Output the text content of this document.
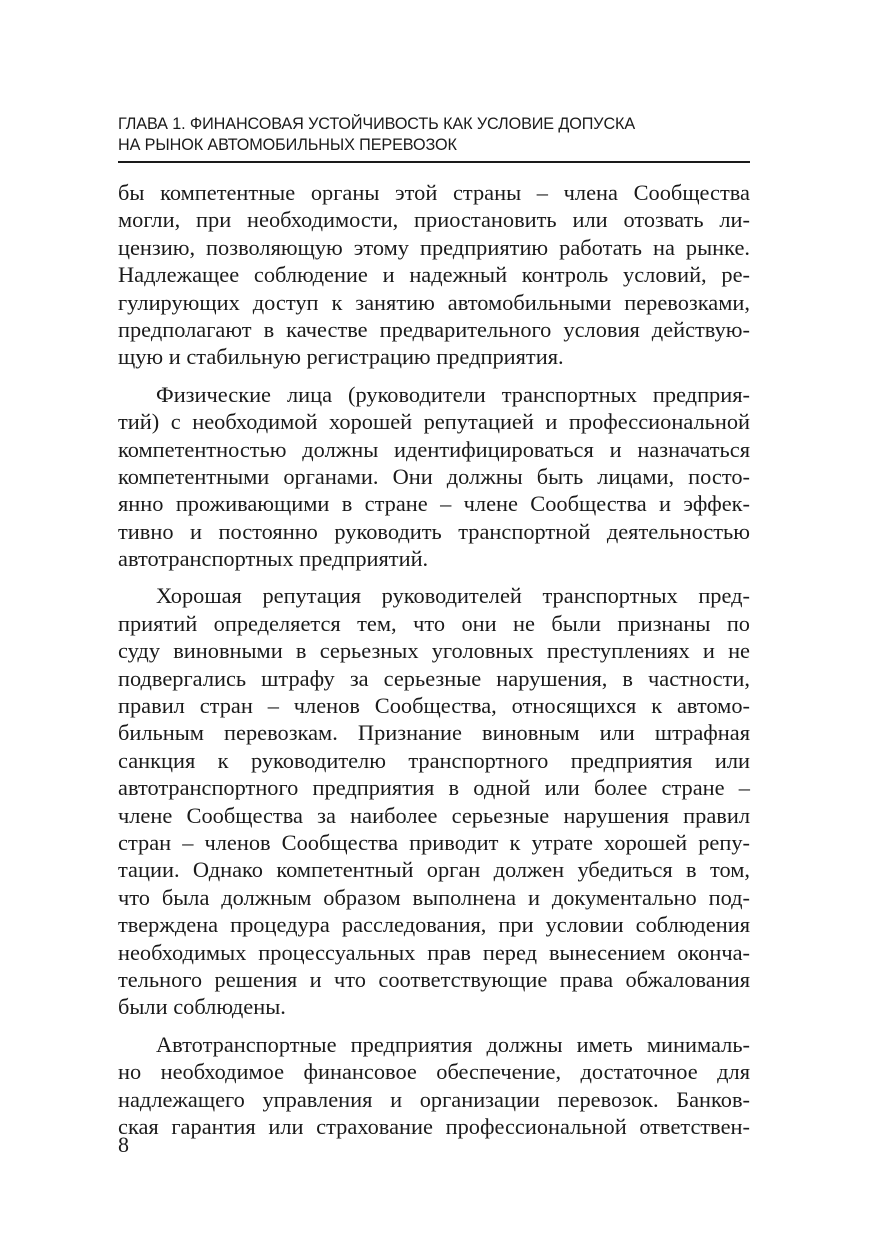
ГЛАВА 1. ФИНАНСОВАЯ УСТОЙЧИВОСТЬ КАК УСЛОВИЕ ДОПУСКА
НА РЫНОК АВТОМОБИЛЬНЫХ ПЕРЕВОЗОК
бы компетентные органы этой страны – члена Сообщества
могли, при необходимости, приостановить или отозвать ли-
цензию, позволяющую этому предприятию работать на рынке.
Надлежащее соблюдение и надежный контроль условий, ре-
гулирующих доступ к занятию автомобильными перевозками,
предполагают в качестве предварительного условия действую-
щую и стабильную регистрацию предприятия.
Физические лица (руководители транспортных предприя-
тий) с необходимой хорошей репутацией и профессиональной
компетентностью должны идентифицироваться и назначаться
компетентными органами. Они должны быть лицами, посто-
янно проживающими в стране – члене Сообщества и эффек-
тивно и постоянно руководить транспортной деятельностью
автотранспортных предприятий.
Хорошая репутация руководителей транспортных пред-
приятий определяется тем, что они не были признаны по
суду виновными в серьезных уголовных преступлениях и не
подвергались штрафу за серьезные нарушения, в частности,
правил стран – членов Сообщества, относящихся к автомо-
бильным перевозкам. Признание виновным или штрафная
санкция к руководителю транспортного предприятия или
автотранспортного предприятия в одной или более стране –
члене Сообщества за наиболее серьезные нарушения правил
стран – членов Сообщества приводит к утрате хорошей репу-
тации. Однако компетентный орган должен убедиться в том,
что была должным образом выполнена и документально под-
тверждена процедура расследования, при условии соблюдения
необходимых процессуальных прав перед вынесением оконча-
тельного решения и что соответствующие права обжалования
были соблюдены.
Автотранспортные предприятия должны иметь минималь-
но необходимое финансовое обеспечение, достаточное для
надлежащего управления и организации перевозок. Банков-
ская гарантия или страхование профессиональной ответствен-
8
